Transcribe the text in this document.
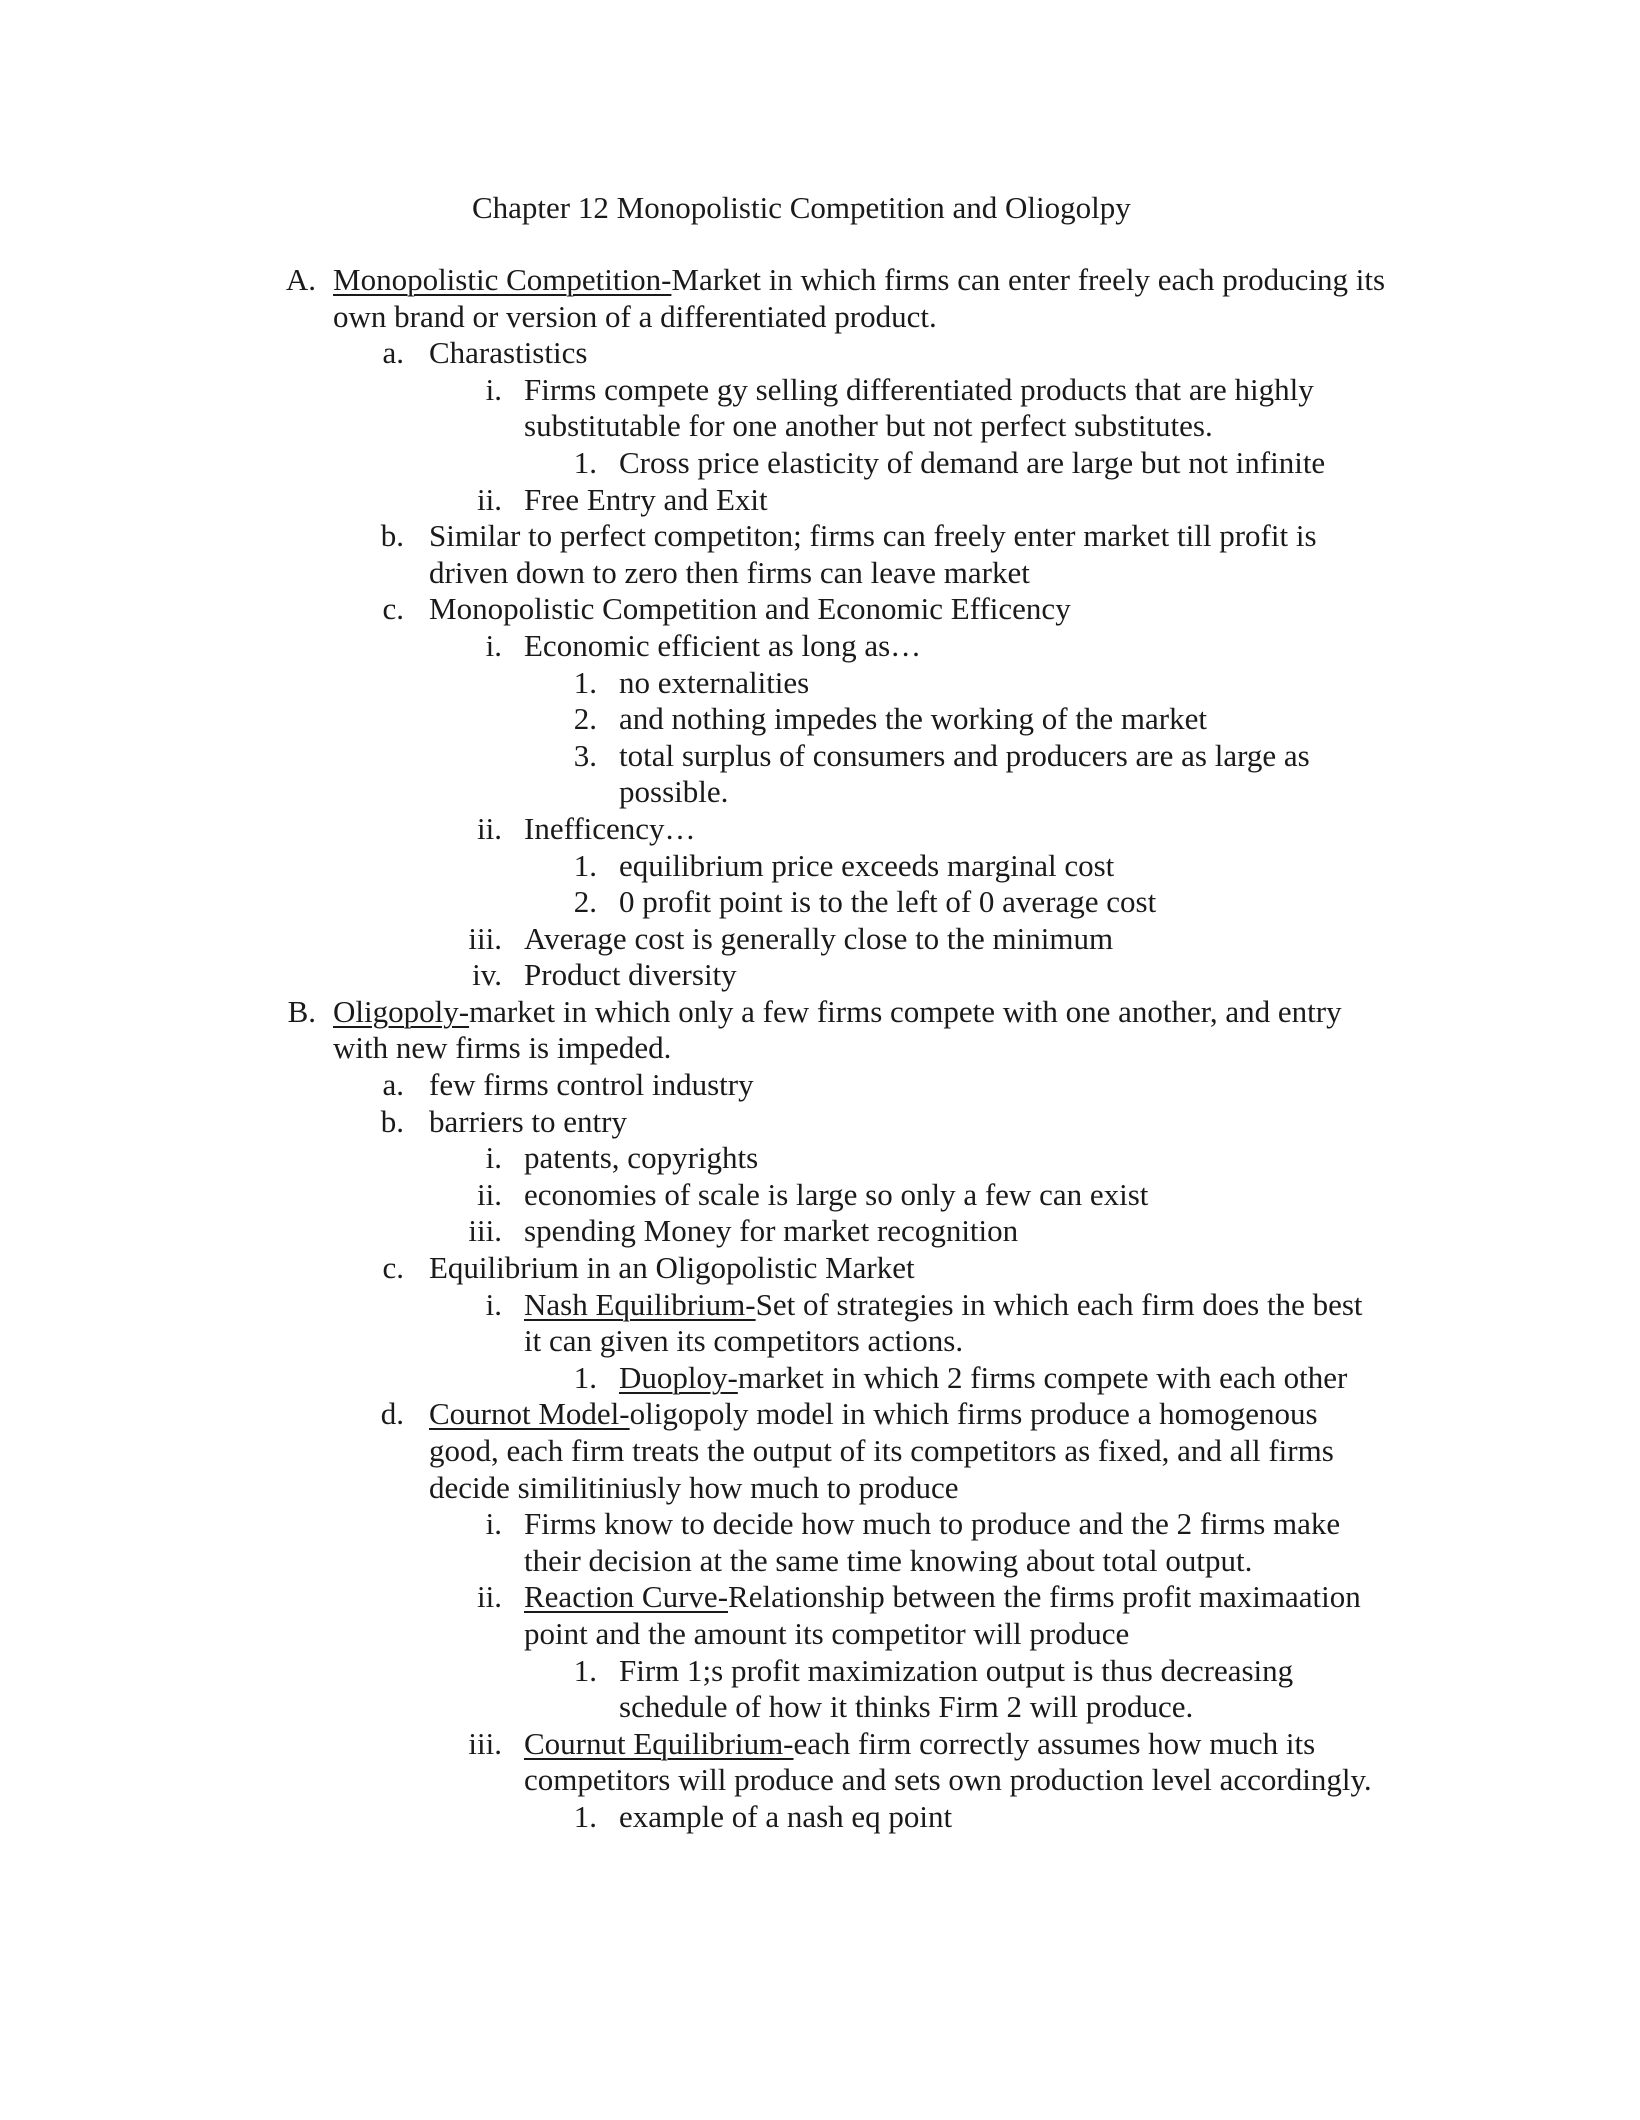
Chapter 12 Monopolistic Competition and Oliogolpy
A. Monopolistic Competition-Market in which firms can enter freely each producing its own brand or version of a differentiated product.
a. Charastistics
i. Firms compete gy selling differentiated products that are highly substitutable for one another but not perfect substitutes.
1. Cross price elasticity of demand are large but not infinite
ii. Free Entry and Exit
b. Similar to perfect competiton; firms can freely enter market till profit is driven down to zero then firms can leave market
c. Monopolistic Competition and Economic Efficency
i. Economic efficient as long as…
1. no externalities
2. and nothing impedes the working of the market
3. total surplus of consumers and producers are as large as possible.
ii. Inefficency…
1. equilibrium price exceeds marginal cost
2. 0 profit point is to the left of 0 average cost
iii. Average cost is generally close to the minimum
iv. Product diversity
B. Oligopoly-market in which only a few firms compete with one another, and entry with new firms is impeded.
a. few firms control industry
b. barriers to entry
i. patents, copyrights
ii. economies of scale is large so only a few can exist
iii. spending Money for market recognition
c. Equilibrium in an Oligopolistic Market
i. Nash Equilibrium-Set of strategies in which each firm does the best it can given its competitors actions.
1. Duoploy-market in which 2 firms compete with each other
d. Cournot Model-oligopoly model in which firms produce a homogenous good, each firm treats the output of its competitors as fixed, and all firms decide similitiniusly how much to produce
i. Firms know to decide how much to produce and the 2 firms make their decision at the same time knowing about total output.
ii. Reaction Curve-Relationship between the firms profit maximaation point and the amount its competitor will produce
1. Firm 1;s profit maximization output is thus decreasing schedule of how it thinks Firm 2 will produce.
iii. Cournut Equilibrium-each firm correctly assumes how much its competitors will produce and sets own production level accordingly.
1. example of a nash eq point
